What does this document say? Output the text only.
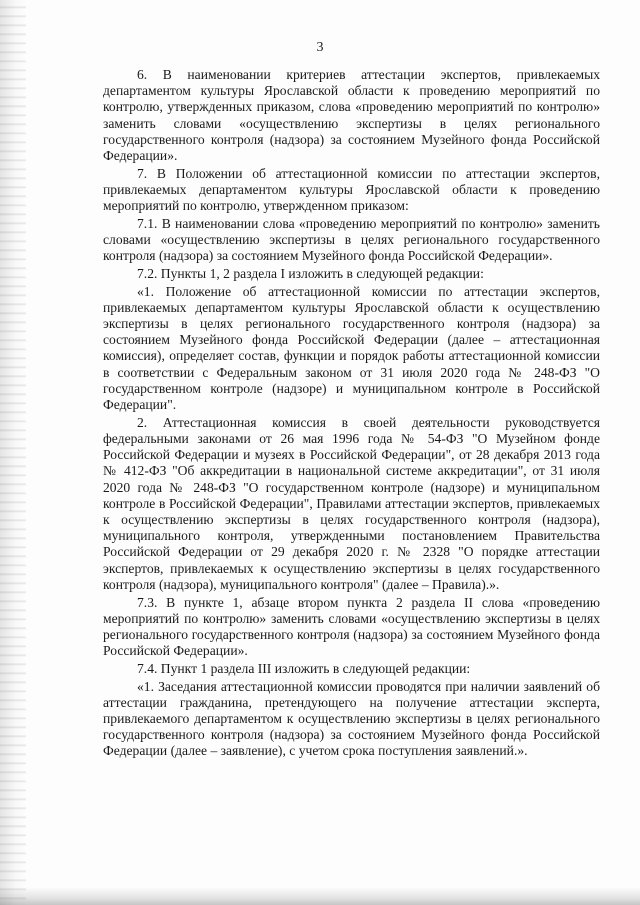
3

6. В наименовании критериев аттестации экспертов, привлекаемых департаментом культуры Ярославской области к проведению мероприятий по контролю, утвержденных приказом, слова «проведению мероприятий по контролю» заменить словами «осуществлению экспертизы в целях регионального государственного контроля (надзора) за состоянием Музейного фонда Российской Федерации».

7. В Положении об аттестационной комиссии по аттестации экспертов, привлекаемых департаментом культуры Ярославской области к проведению мероприятий по контролю, утвержденном приказом:

7.1. В наименовании слова «проведению мероприятий по контролю» заменить словами «осуществлению экспертизы в целях регионального государственного контроля (надзора) за состоянием Музейного фонда Российской Федерации».

7.2. Пункты 1, 2 раздела I изложить в следующей редакции:

«1. Положение об аттестационной комиссии по аттестации экспертов, привлекаемых департаментом культуры Ярославской области к осуществлению экспертизы в целях регионального государственного контроля (надзора) за состоянием Музейного фонда Российской Федерации (далее – аттестационная комиссия), определяет состав, функции и порядок работы аттестационной комиссии в соответствии с Федеральным законом от 31 июля 2020 года № 248-ФЗ "О государственном контроле (надзоре) и муниципальном контроле в Российской Федерации".

2. Аттестационная комиссия в своей деятельности руководствуется федеральными законами от 26 мая 1996 года № 54-ФЗ "О Музейном фонде Российской Федерации и музеях в Российской Федерации", от 28 декабря 2013 года № 412-ФЗ "Об аккредитации в национальной системе аккредитации", от 31 июля 2020 года № 248-ФЗ "О государственном контроле (надзоре) и муниципальном контроле в Российской Федерации", Правилами аттестации экспертов, привлекаемых к осуществлению экспертизы в целях государственного контроля (надзора), муниципального контроля, утвержденными постановлением Правительства Российской Федерации от 29 декабря 2020 г. № 2328 "О порядке аттестации экспертов, привлекаемых к осуществлению экспертизы в целях государственного контроля (надзора), муниципального контроля" (далее – Правила).».

7.3. В пункте 1, абзаце втором пункта 2 раздела II слова «проведению мероприятий по контролю» заменить словами «осуществлению экспертизы в целях регионального государственного контроля (надзора) за состоянием Музейного фонда Российской Федерации».

7.4. Пункт 1 раздела III изложить в следующей редакции:

«1. Заседания аттестационной комиссии проводятся при наличии заявлений об аттестации гражданина, претендующего на получение аттестации эксперта, привлекаемого департаментом к осуществлению экспертизы в целях регионального государственного контроля (надзора) за состоянием Музейного фонда Российской Федерации (далее – заявление), с учетом срока поступления заявлений.».
